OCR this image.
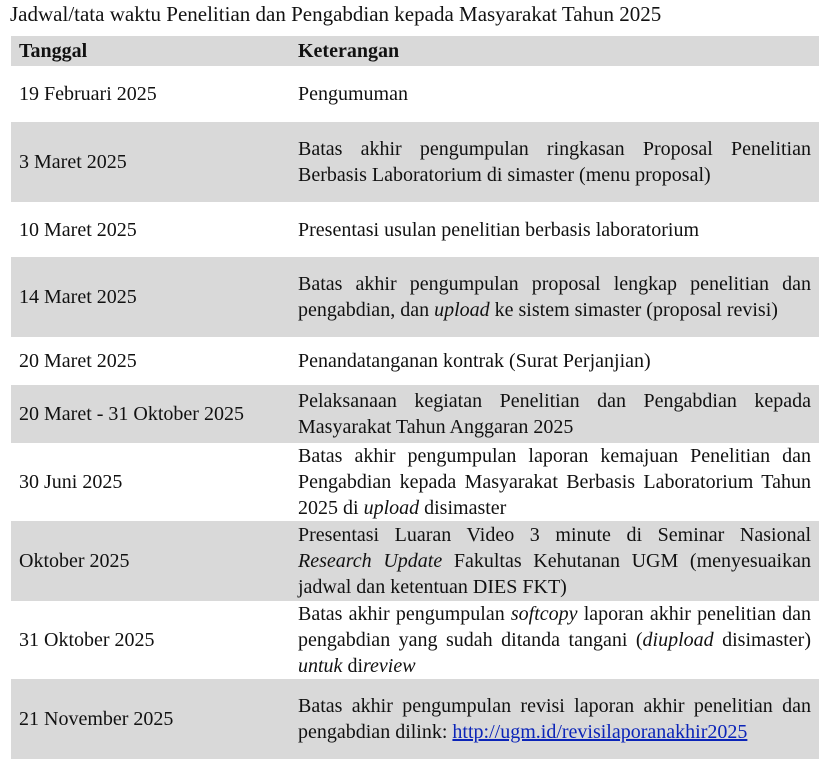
Jadwal/tata waktu Penelitian dan Pengabdian kepada Masyarakat Tahun 2025
Tanggal	Keterangan
19 Februari 2025	Pengumuman
3 Maret 2025	Batas akhir pengumpulan ringkasan Proposal Penelitian Berbasis Laboratorium di simaster (menu proposal)
10 Maret 2025	Presentasi usulan penelitian berbasis laboratorium
14 Maret 2025	Batas akhir pengumpulan proposal lengkap penelitian dan pengabdian, dan upload ke sistem simaster (proposal revisi)
20 Maret 2025	Penandatanganan kontrak (Surat Perjanjian)
20 Maret - 31 Oktober 2025	Pelaksanaan kegiatan Penelitian dan Pengabdian kepada Masyarakat Tahun Anggaran 2025
30 Juni 2025	Batas akhir pengumpulan laporan kemajuan Penelitian dan Pengabdian kepada Masyarakat Berbasis Laboratorium Tahun 2025 di upload disimaster
Oktober 2025	Presentasi Luaran Video 3 minute di Seminar Nasional Research Update Fakultas Kehutanan UGM (menyesuaikan jadwal dan ketentuan DIES FKT)
31 Oktober 2025	Batas akhir pengumpulan softcopy laporan akhir penelitian dan pengabdian yang sudah ditanda tangani (diupload disimaster) untuk direview
21 November 2025	Batas akhir pengumpulan revisi laporan akhir penelitian dan pengabdian dilink: http://ugm.id/revisilaporanakhir2025
